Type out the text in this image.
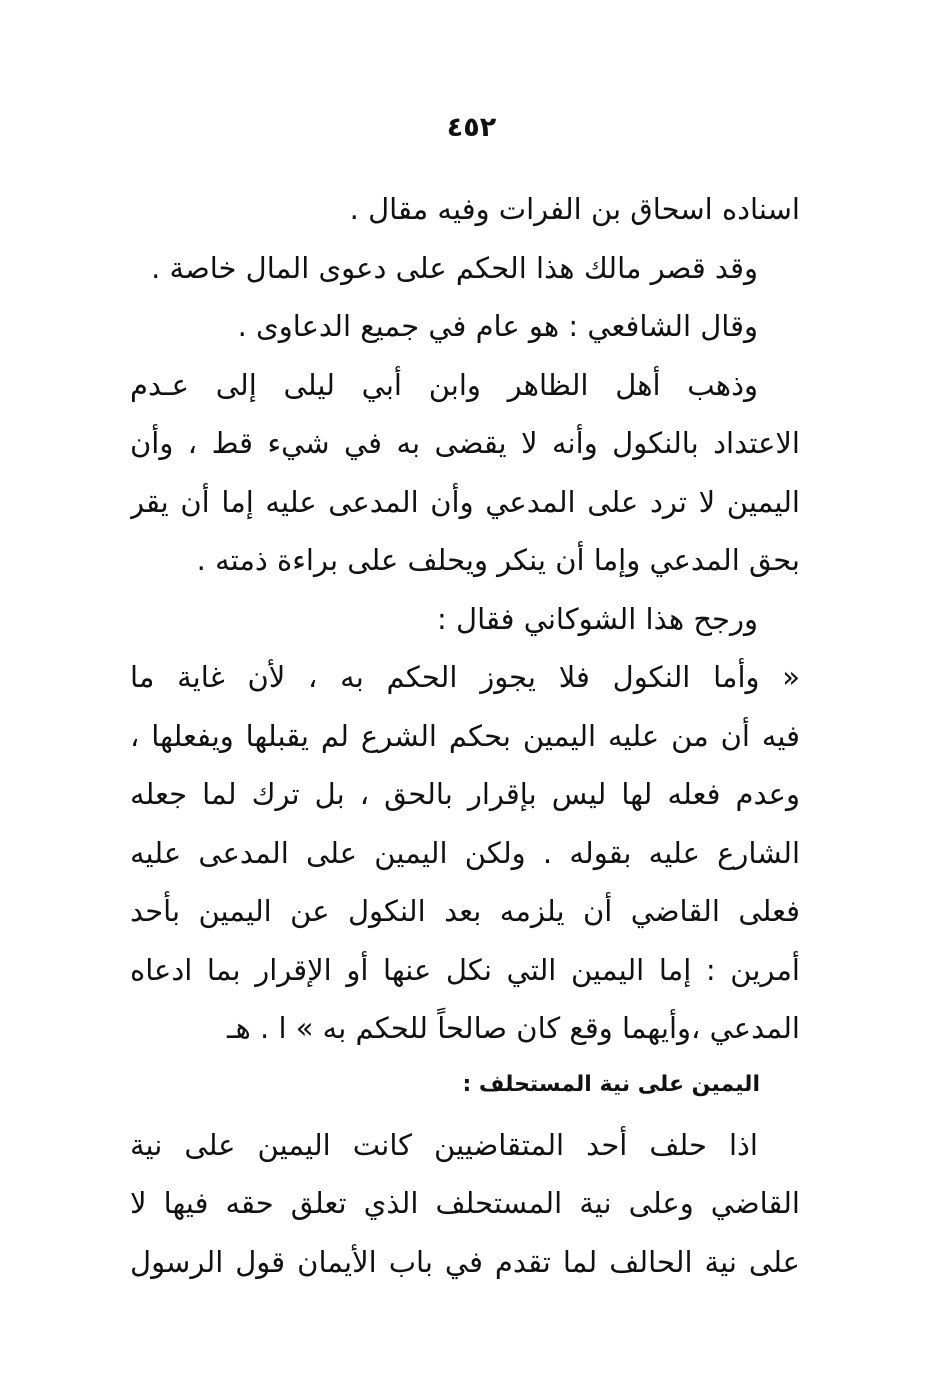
٤٥٢
اسناده اسحاق بن الفرات وفيه مقال .
وقد قصر مالك هذا الحكم على دعوى المال خاصة .
وقال الشافعي : هو عام في جميع الدعاوى .
وذهب أهل الظاهر وابن أبي ليلى إلى عـدم
الاعتداد بالنكول وأنه لا يقضى به في شيء قط ، وأن
اليمين لا ترد على المدعي وأن المدعى عليه إما أن يقر
بحق المدعي وإما أن ينكر ويحلف على براءة ذمته .
ورجح هذا الشوكاني فقال :
« وأما النكول فلا يجوز الحكم به ، لأن غاية ما
فيه أن من عليه اليمين بحكم الشرع لم يقبلها ويفعلها ،
وعدم فعله لها ليس بإقرار بالحق ، بل ترك لما جعله
الشارع عليه بقوله . ولكن اليمين على المدعى عليه
فعلى القاضي أن يلزمه بعد النكول عن اليمين بأحد
أمرين : إما اليمين التي نكل عنها أو الإقرار بما ادعاه
المدعي ،وأيهما وقع كان صالحاً للحكم به » ا . هـ
اليمين على نية المستحلف :
اذا حلف أحد المتقاضيين كانت اليمين على نية
القاضي وعلى نية المستحلف الذي تعلق حقه فيها لا
على نية الحالف لما تقدم في باب الأيمان قول الرسول
